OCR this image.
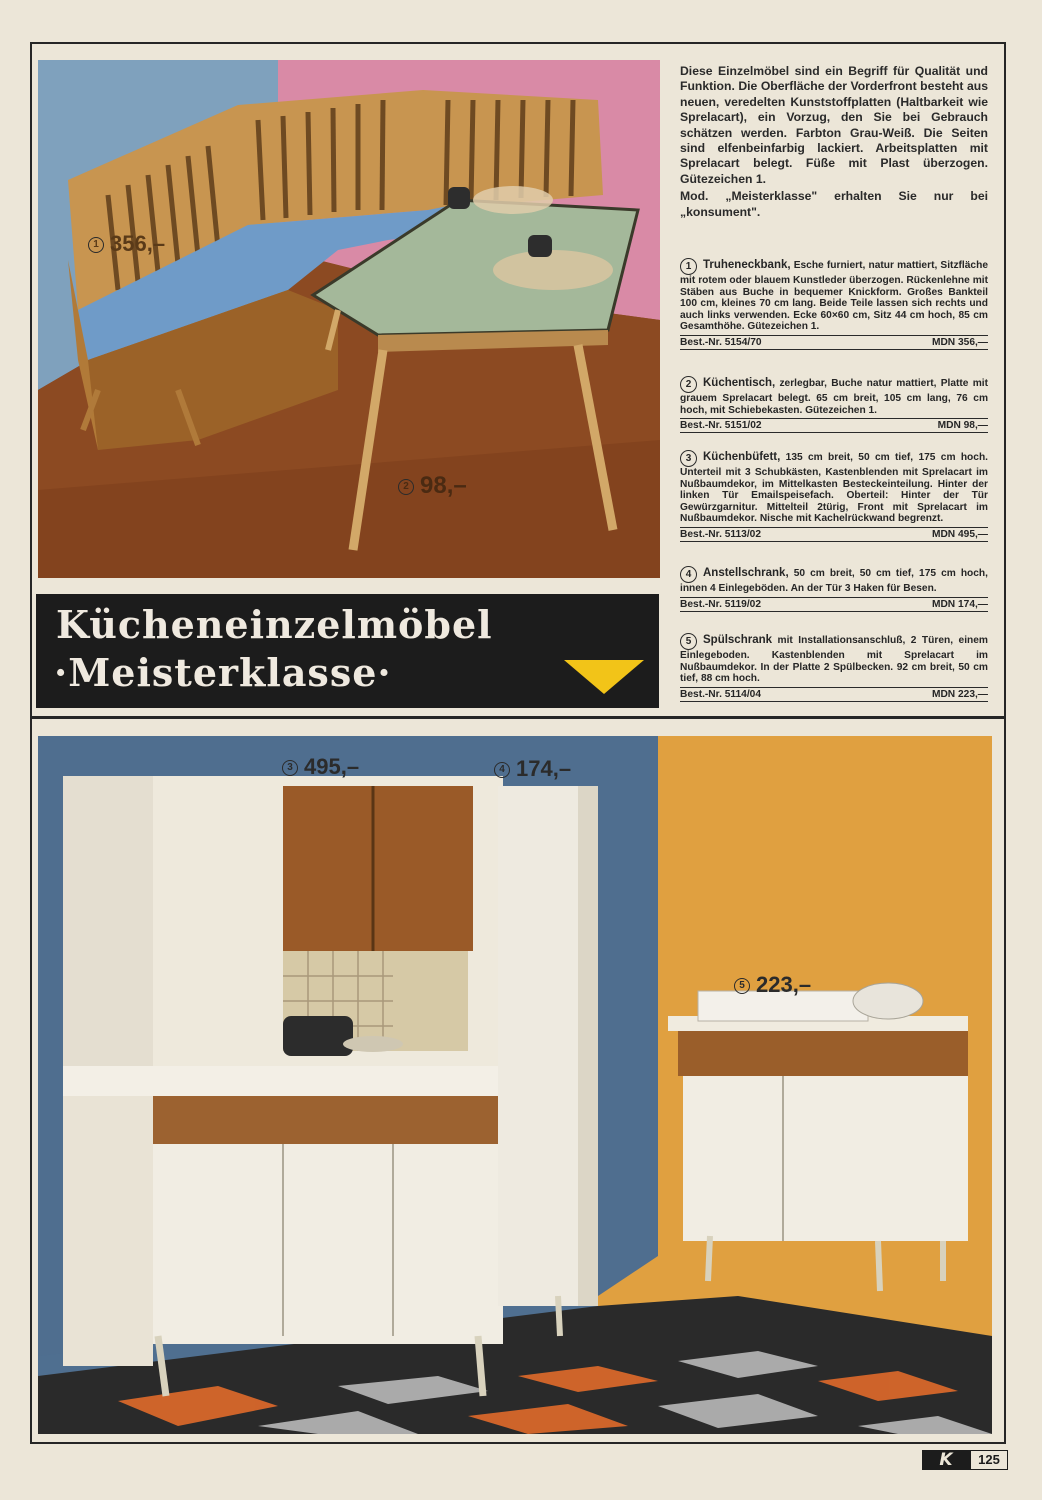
1 356,–
2 98,–
Kücheneinzelmöbel
·Meisterklasse·

Diese Einzelmöbel sind ein Begriff für Qualität und Funktion. Die Oberfläche der Vorderfront besteht aus neuen, veredelten Kunststoffplatten (Haltbarkeit wie Sprelacart), ein Vorzug, den Sie bei Gebrauch schätzen werden. Farbton Grau-Weiß. Die Seiten sind elfenbeinfarbig lackiert. Arbeitsplatten mit Sprelacart belegt. Füße mit Plast überzogen. Gütezeichen 1.

Mod. „Meisterklasse" erhalten Sie nur bei „konsument".

1 Truheneckbank, Esche furniert, natur mattiert, Sitzfläche mit rotem oder blauem Kunstleder überzogen. Rückenlehne mit Stäben aus Buche in bequemer Knickform. Großes Bankteil 100 cm, kleines 70 cm lang. Beide Teile lassen sich rechts und auch links verwenden. Ecke 60×60 cm, Sitz 44 cm hoch, 85 cm Gesamthöhe. Gütezeichen 1.
Best.-Nr. 5154/70	MDN 356,—
2 Küchentisch, zerlegbar, Buche natur mattiert, Platte mit grauem Sprelacart belegt. 65 cm breit, 105 cm lang, 76 cm hoch, mit Schiebekasten. Gütezeichen 1.
Best.-Nr. 5151/02	MDN 98,—
3 Küchenbüfett, 135 cm breit, 50 cm tief, 175 cm hoch. Unterteil mit 3 Schubkästen, Kastenblenden mit Sprelacart im Nußbaumdekor, im Mittelkasten Besteckeinteilung. Hinter der linken Tür Emailspeisefach. Oberteil: Hinter der Tür Gewürzgarnitur. Mittelteil 2türig, Front mit Sprelacart im Nußbaumdekor. Nische mit Kachelrückwand begrenzt.
Best.-Nr. 5113/02	MDN 495,—
4 Anstellschrank, 50 cm breit, 50 cm tief, 175 cm hoch, innen 4 Einlegeböden. An der Tür 3 Haken für Besen.
Best.-Nr. 5119/02	MDN 174,—
5 Spülschrank mit Installationsanschluß, 2 Türen, einem Einlegeboden. Kastenblenden mit Sprelacart im Nußbaumdekor. In der Platte 2 Spülbecken. 92 cm breit, 50 cm tief, 88 cm hoch.
Best.-Nr. 5114/04	MDN 223,—
3 495,–	4 174,–
5 223,–
K	125
